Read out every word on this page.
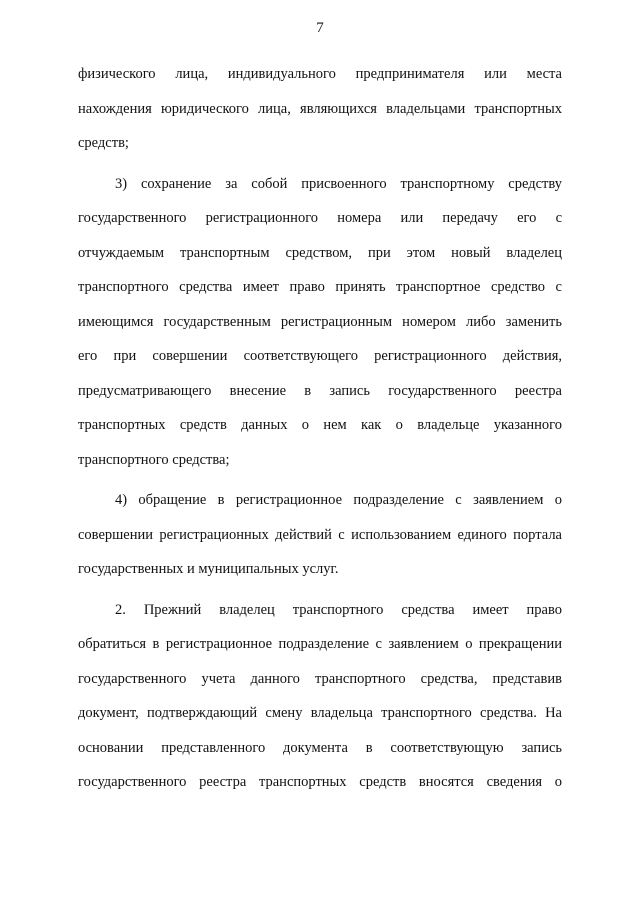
7
физического лица, индивидуального предпринимателя или места
нахождения юридического лица, являющихся владельцами транспортных
средств;
3) сохранение за собой присвоенного транспортному средству
государственного регистрационного номера или передачу его с
отчуждаемым транспортным средством, при этом новый владелец
транспортного средства имеет право принять транспортное средство с
имеющимся государственным регистрационным номером либо заменить
его при совершении соответствующего регистрационного действия,
предусматривающего внесение в запись государственного реестра
транспортных средств данных о нем как о владельце указанного
транспортного средства;
4) обращение в регистрационное подразделение с заявлением о
совершении регистрационных действий с использованием единого портала
государственных и муниципальных услуг.
2. Прежний владелец транспортного средства имеет право
обратиться в регистрационное подразделение с заявлением о прекращении
государственного учета данного транспортного средства, представив
документ, подтверждающий смену владельца транспортного средства. На
основании представленного документа в соответствующую запись
государственного реестра транспортных средств вносятся сведения о
